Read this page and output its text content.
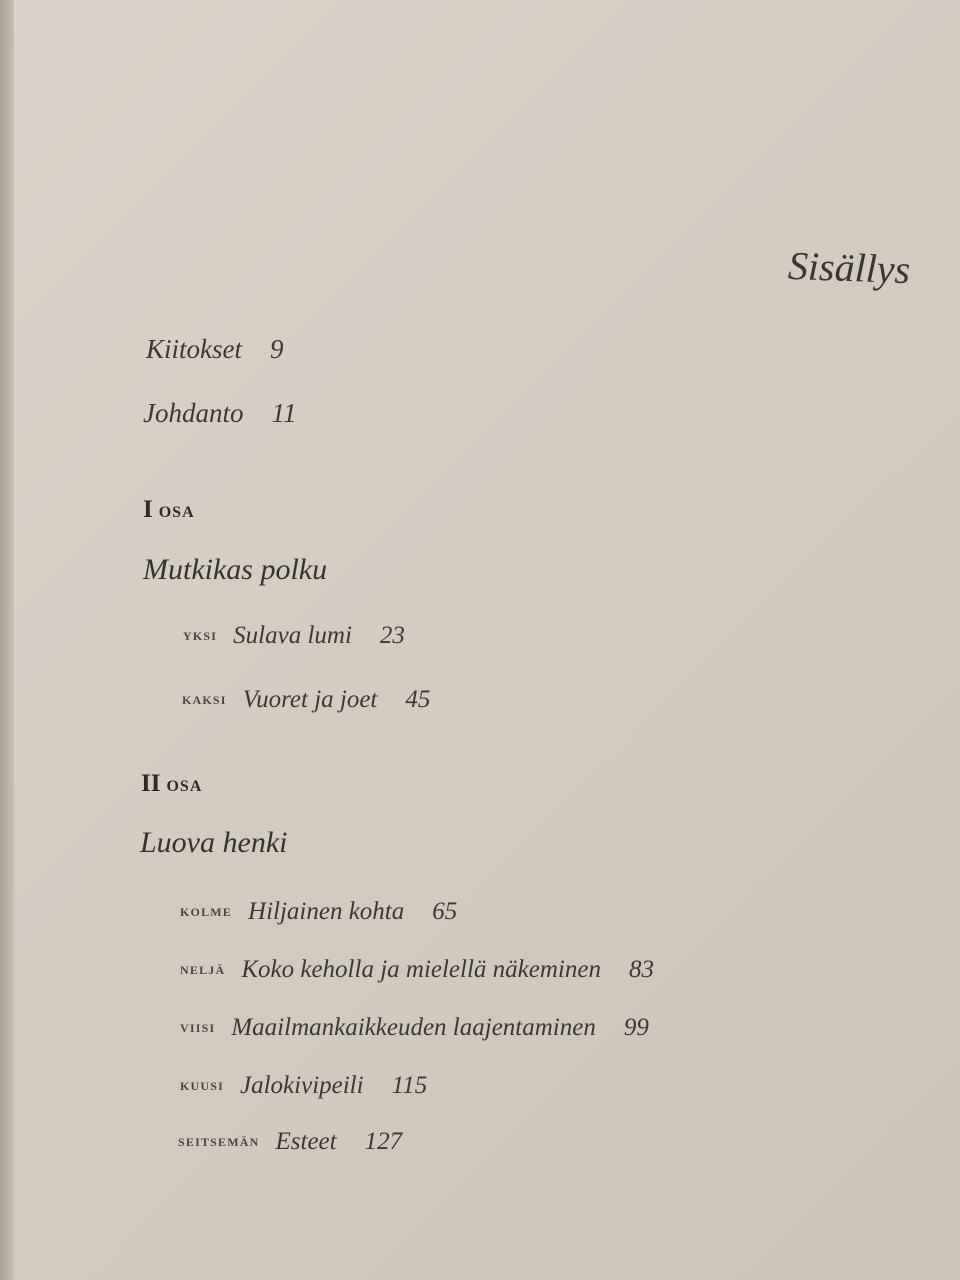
Sisällys
Kiitokset 9
Johdanto 11
IOSA
Mutkikas polku
YKSI Sulava lumi 23
KAKSI Vuoret ja joet 45
II OSA
Luova henki
KOLME Hiljainen kohta 65
NELJÄ Koko keholla ja mielellä näkeminen 83
VIISI Maailmankaikkeuden laajentaminen 99
KUUSI Jalokivipeili 115
SEITSEMÄN Esteet 127
